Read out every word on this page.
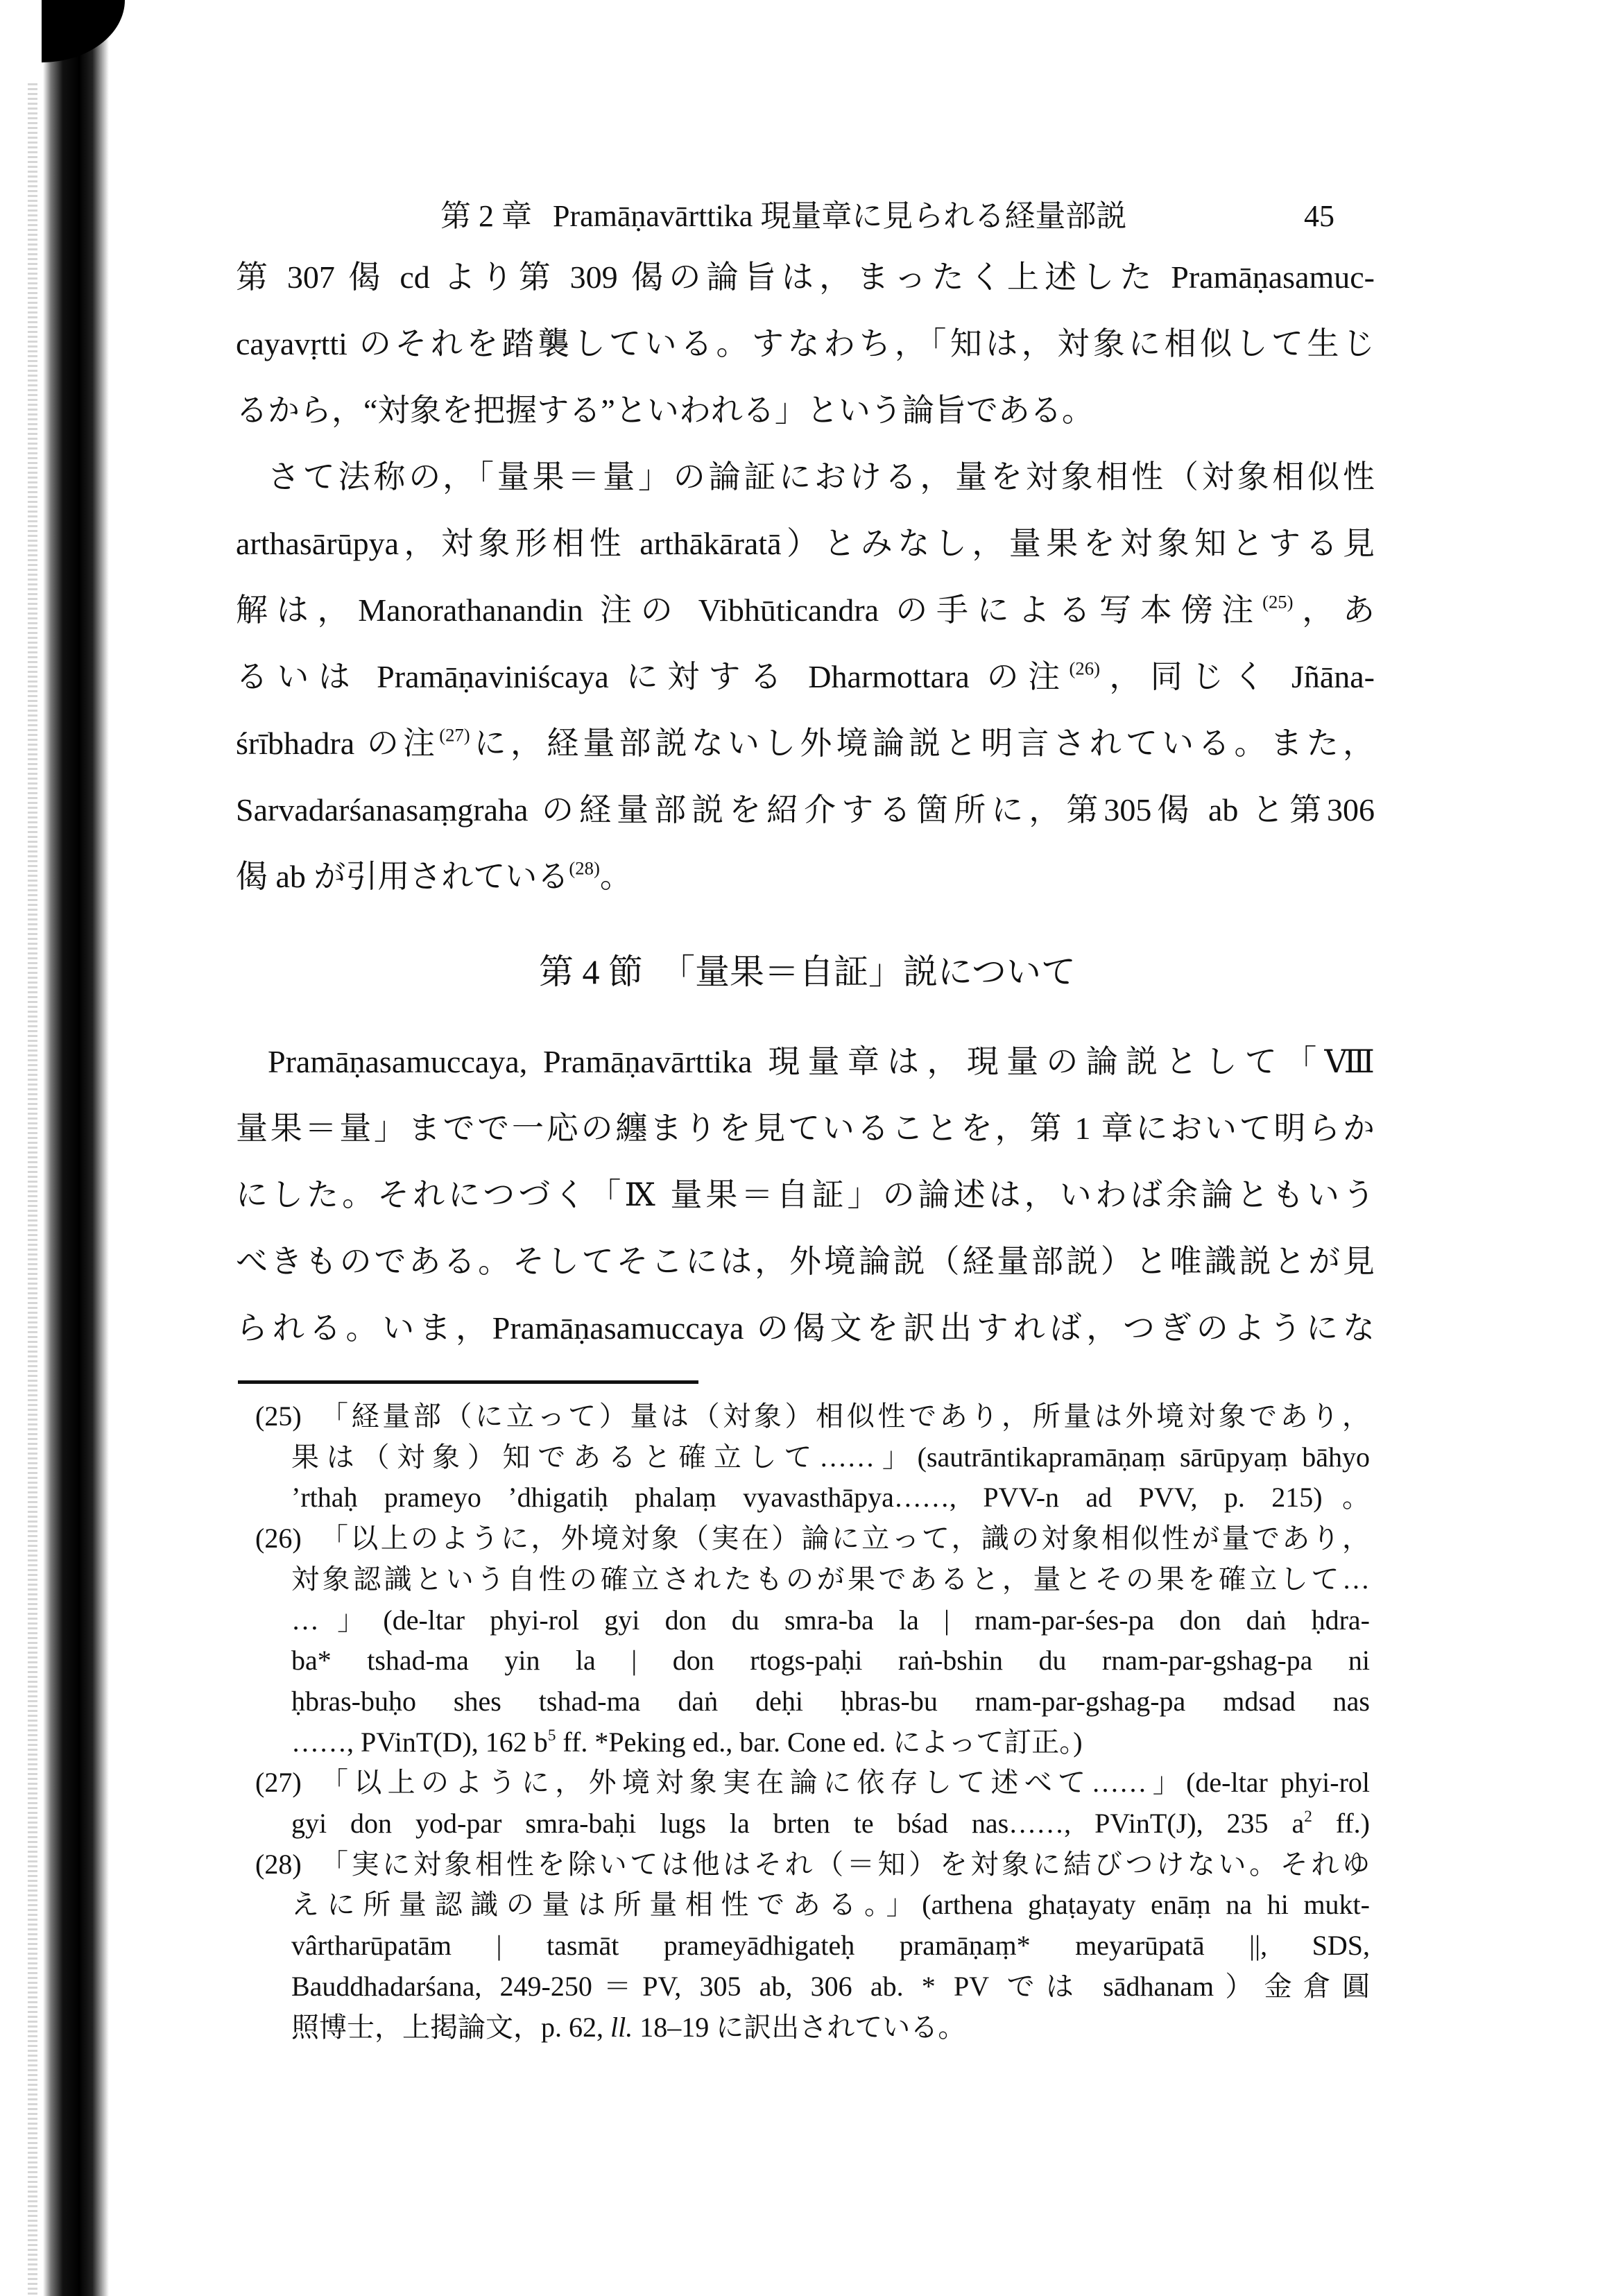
第 2 章 Pramāṇavārttika 現量章に見られる経量部説	45
第 307 偈 cd より第 309 偈の論旨は，まったく上述した Pramāṇasamuc-
cayavṛtti のそれを踏襲している。すなわち，「知は，対象に相似して生じ
るから，“対象を把握する”といわれる」という論旨である。
さて法称の，「量果＝量」の論証における，量を対象相性（対象相似性
arthasārūpya，対象形相性 arthākāratā）とみなし，量果を対象知とする見
解は，Manorathanandin 注の Vibhūticandra の手による写本傍注$^{(25)}$，あ
るいは Pramāṇaviniścaya に対する Dharmottara の注$^{(26)}$，同じく Jñāna-
śrībhadra の注$^{(27)}$に，経量部説ないし外境論説と明言されている。また，
Sarvadarśanasaṃgraha の経量部説を紹介する箇所に，第305偈 ab と第306
偈 ab が引用されている$^{(28)}$。
Pramāṇasamuccaya, Pramāṇavārttika 現量章は，現量の論説として「Ⅷ
量果＝量」までで一応の纏まりを見ていることを，第 1 章において明らか
にした。それにつづく「Ⅸ 量果＝自証」の論述は，いわば余論ともいう
べきものである。そしてそこには，外境論説（経量部説）と唯識説とが見
られる。いま，Pramāṇasamuccaya の偈文を訳出すれば，つぎのようにな
第 4 節　「量果＝自証」説について
(25) 「経量部（に立って）量は（対象）相似性であり，所量は外境対象であり，
果は（対象）知であると確立して……」(sautrāntikapramāṇaṃ sārūpyaṃ bāhyo
’rthaḥ prameyo ’dhigatiḥ phalaṃ vyavasthāpya……, PVV-n ad PVV, p. 215)。
(26) 「以上のように，外境対象（実在）論に立って，識の対象相似性が量であり，
対象認識という自性の確立されたものが果であると，量とその果を確立して…
…」(de-ltar phyi-rol gyi don du smra-ba la | rnam-par-śes-pa don daṅ ḥdra-
ba* tshad-ma yin la | don rtogs-paḥi raṅ-bshin du rnam-par-gshag-pa ni
ḥbras-buḥo shes tshad-ma daṅ deḥi ḥbras-bu rnam-par-gshag-pa mdsad nas
……, PVinT(D), 162 $b^5$ ff. *Peking ed., bar. Cone ed. によって訂正。)
(27) 「以上のように，外境対象実在論に依存して述べて……」(de-ltar phyi-rol
gyi don yod-par smra-baḥi lugs la brten te bśad nas……, PVinT(J), 235 $a^2$ ff.)
(28) 「実に対象相性を除いては他はそれ（＝知）を対象に結びつけない。それゆ
えに所量認識の量は所量相性である。」(arthena ghaṭayaty enāṃ na hi mukt-
vârtharūpatām | tasmāt prameyādhigateḥ pramāṇaṃ* meyarūpatā ||, SDS,
Bauddhadarśana, 249-250＝PV, 305 ab, 306 ab. * PV では sādhanam）金倉圓
照博士，上掲論文，p. 62, ll. 18–19 に訳出されている。
